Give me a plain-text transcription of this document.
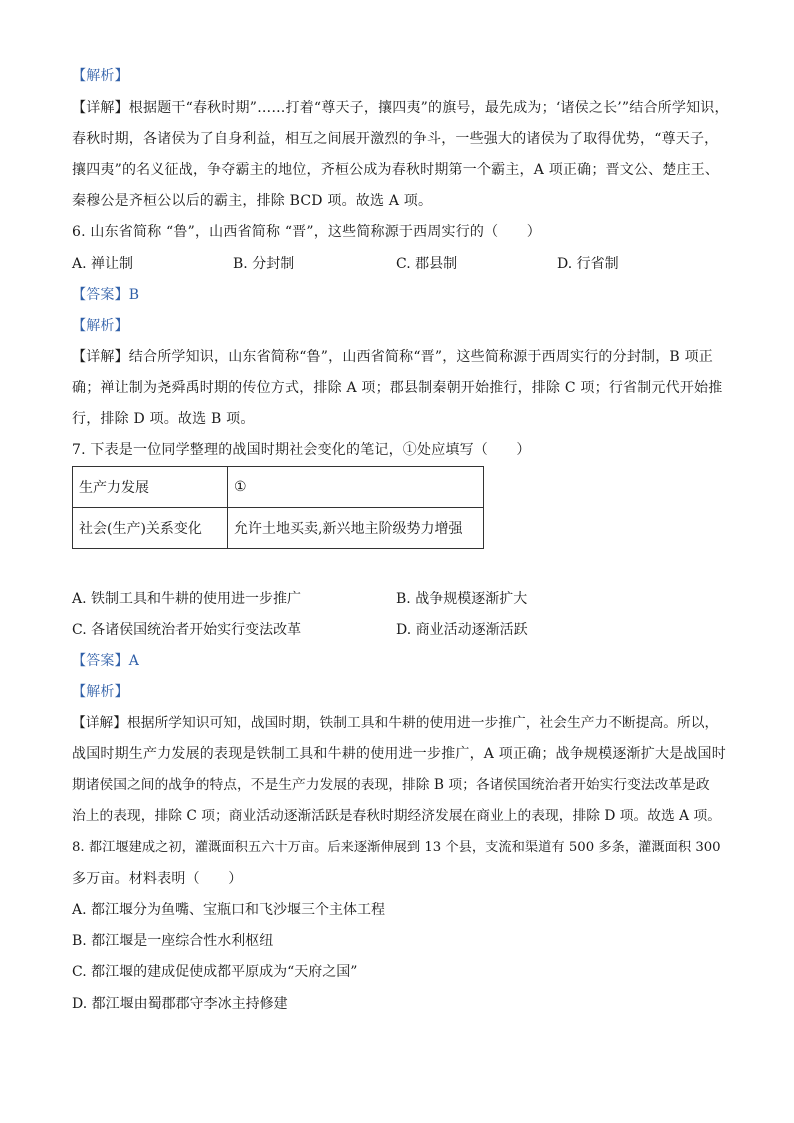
【解析】
【详解】根据题干“春秋时期”……打着“尊天子，攘四夷”的旗号，最先成为；‘诸侯之长’”结合所学知识，
春秋时期，各诸侯为了自身利益，相互之间展开激烈的争斗，一些强大的诸侯为了取得优势，“尊天子，
攘四夷”的名义征战，争夺霸主的地位，齐桓公成为春秋时期第一个霸主，A 项正确；晋文公、楚庄王、
秦穆公是齐桓公以后的霸主，排除 BCD 项。故选 A 项。
6. 山东省简称 “鲁”，山西省简称 “晋”，这些简称源于西周实行的（　　）
A. 禅让制	B. 分封制	C. 郡县制	D. 行省制
【答案】B
【解析】
【详解】结合所学知识，山东省简称“鲁”，山西省简称“晋”，这些简称源于西周实行的分封制，B 项正
确；禅让制为尧舜禹时期的传位方式，排除 A 项；郡县制秦朝开始推行，排除 C 项；行省制元代开始推
行，排除 D 项。故选 B 项。
7. 下表是一位同学整理的战国时期社会变化的笔记，①处应填写（　　）
生产力发展	①
社会(生产)关系变化	允许土地买卖,新兴地主阶级势力增强
A. 铁制工具和牛耕的使用进一步推广	B. 战争规模逐渐扩大
C. 各诸侯国统治者开始实行变法改革	D. 商业活动逐渐活跃
【答案】A
【解析】
【详解】根据所学知识可知，战国时期，铁制工具和牛耕的使用进一步推广，社会生产力不断提高。所以，
战国时期生产力发展的表现是铁制工具和牛耕的使用进一步推广，A 项正确；战争规模逐渐扩大是战国时
期诸侯国之间的战争的特点，不是生产力发展的表现，排除 B 项；各诸侯国统治者开始实行变法改革是政
治上的表现，排除 C 项；商业活动逐渐活跃是春秋时期经济发展在商业上的表现，排除 D 项。故选 A 项。
8. 都江堰建成之初，灌溉面积五六十万亩。后来逐渐伸展到 13 个县，支流和渠道有 500 多条，灌溉面积 300
多万亩。材料表明（　　）
A. 都江堰分为鱼嘴、宝瓶口和飞沙堰三个主体工程
B. 都江堰是一座综合性水利枢纽
C. 都江堰的建成促使成都平原成为“天府之国”
D. 都江堰由蜀郡郡守李冰主持修建
